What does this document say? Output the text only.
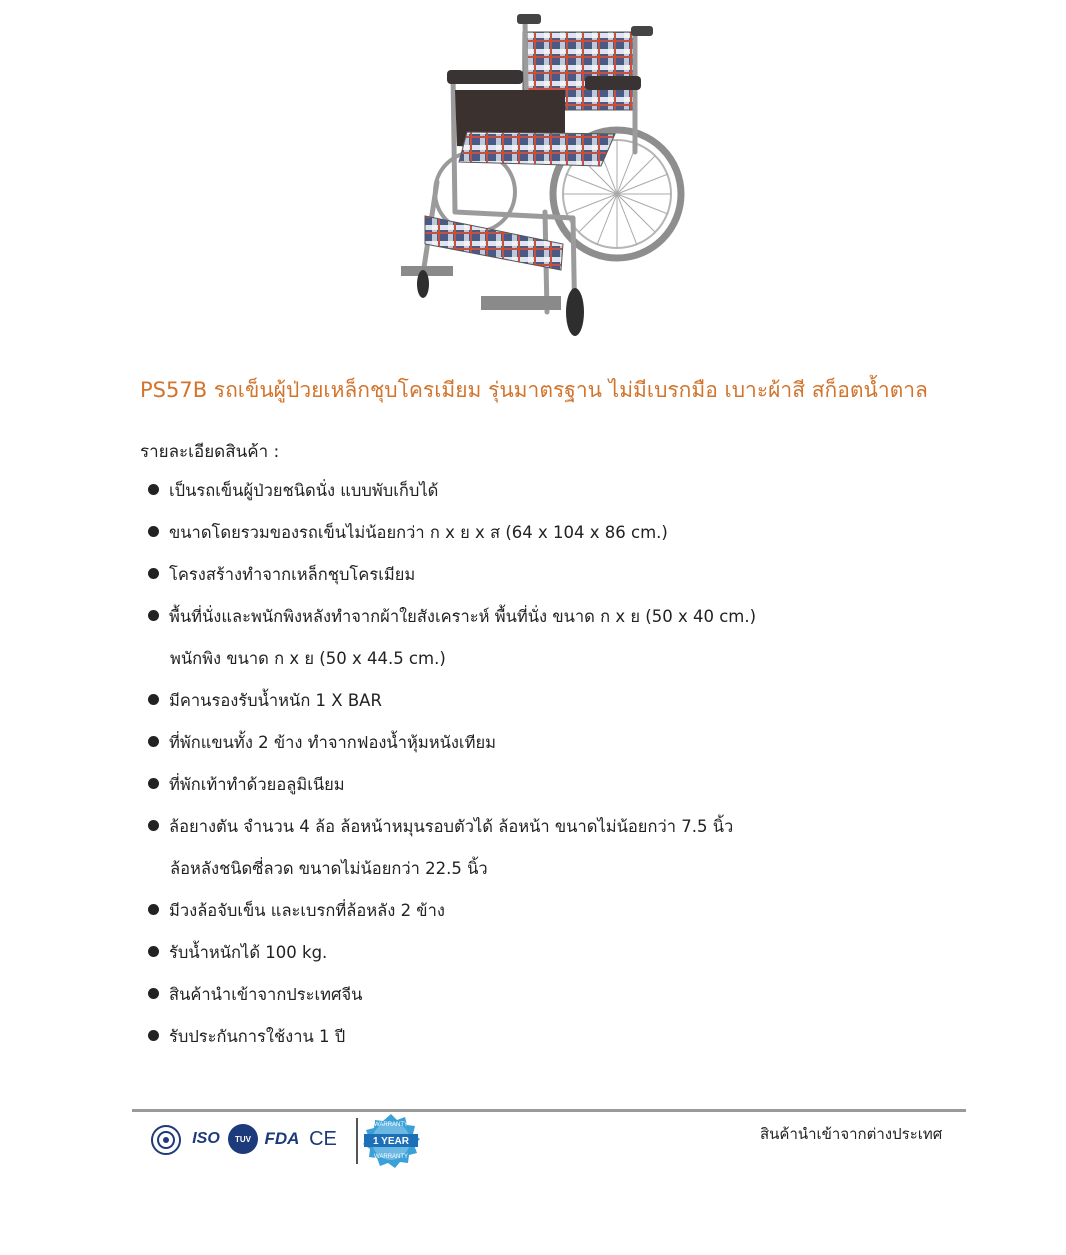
PS57B รถเข็นผู้ป่วยเหล็กชุบโครเมียม รุ่นมาตรฐาน ไม่มีเบรกมือ เบาะผ้าสี สก็อตน้ำตาล
รายละเอียดสินค้า :
เป็นรถเข็นผู้ป่วยชนิดนั่ง แบบพับเก็บได้
ขนาดโดยรวมของรถเข็นไม่น้อยกว่า ก x ย x ส (64 x 104 x 86 cm.)
โครงสร้างทำจากเหล็กชุบโครเมียม
พื้นที่นั่งและพนักพิงหลังทำจากผ้าใยสังเคราะห์ พื้นที่นั่ง ขนาด ก x ย (50 x 40 cm.)
พนักพิง ขนาด ก x ย (50 x 44.5 cm.)
มีคานรองรับน้ำหนัก 1 X BAR
ที่พักแขนทั้ง 2 ข้าง ทำจากฟองน้ำหุ้มหนังเทียม
ที่พักเท้าทำด้วยอลูมิเนียม
ล้อยางตัน จำนวน 4 ล้อ ล้อหน้าหมุนรอบตัวได้ ล้อหน้า ขนาดไม่น้อยกว่า 7.5 นิ้ว
ล้อหลังชนิดซี่ลวด ขนาดไม่น้อยกว่า 22.5 นิ้ว
มีวงล้อจับเข็น และเบรกที่ล้อหลัง 2 ข้าง
รับน้ำหนักได้ 100 kg.
สินค้านำเข้าจากประเทศจีน
รับประกันการใช้งาน 1 ปี
ISO TUV FDA CE
WARRANTY
1 YEAR
WARRANTY
สินค้านำเข้าจากต่างประเทศ
